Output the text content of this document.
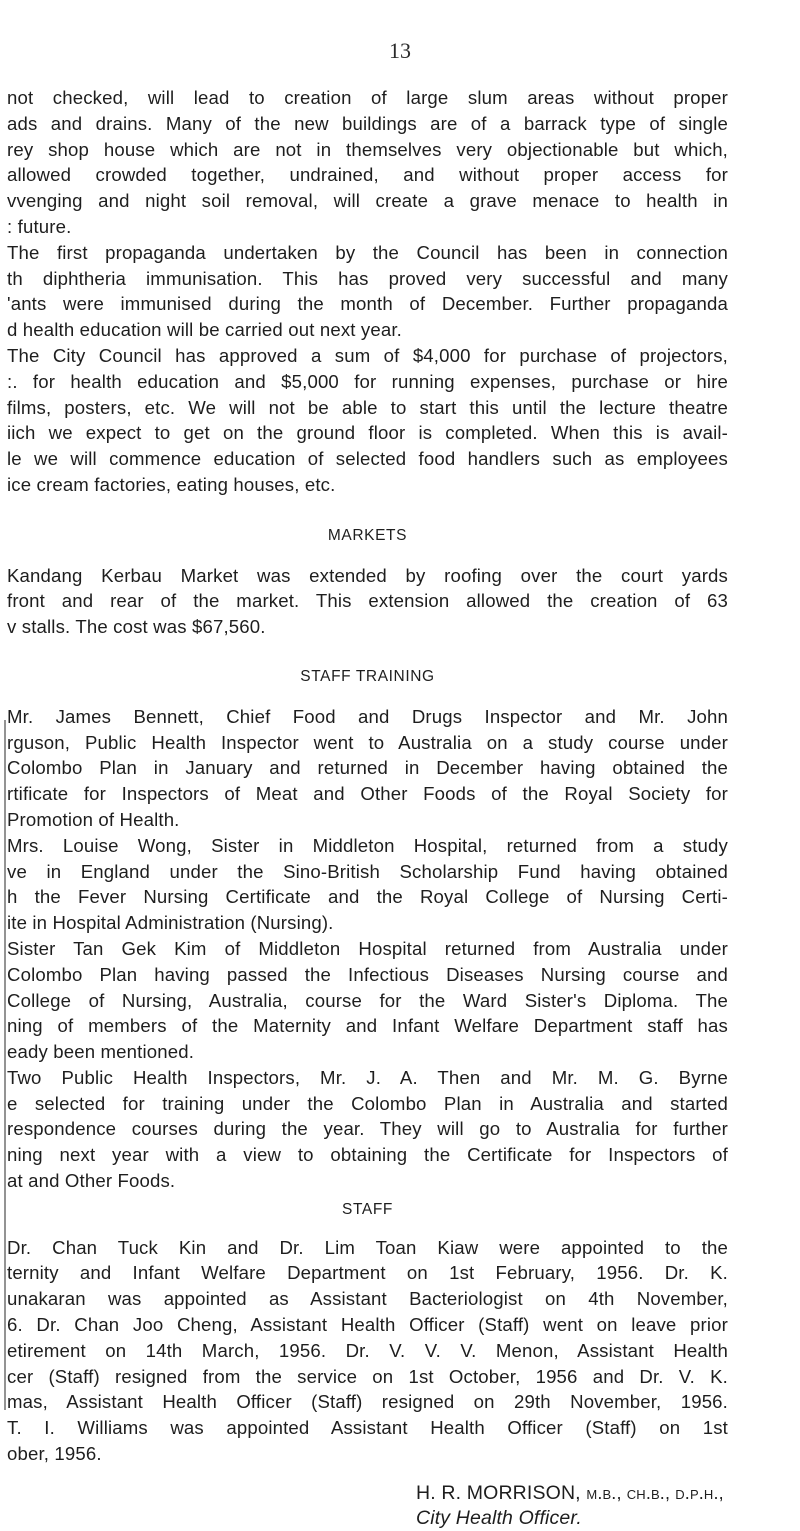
13
not checked, will lead to creation of large slum areas without proper
ads and drains. Many of the new buildings are of a barrack type of single
rey shop house which are not in themselves very objectionable but which,
allowed crowded together, undrained, and without proper access for
vvenging and night soil removal, will create a grave menace to health in
: future.
The first propaganda undertaken by the Council has been in connection
th diphtheria immunisation. This has proved very successful and many
'ants were immunised during the month of December. Further propaganda
d health education will be carried out next year.
The City Council has approved a sum of $4,000 for purchase of projectors,
:. for health education and $5,000 for running expenses, purchase or hire
films, posters, etc. We will not be able to start this until the lecture theatre
iich we expect to get on the ground floor is completed. When this is avail-
le we will commence education of selected food handlers such as employees
ice cream factories, eating houses, etc.
MARKETS
Kandang Kerbau Market was extended by roofing over the court yards
front and rear of the market. This extension allowed the creation of 63
v stalls. The cost was $67,560.
STAFF TRAINING
Mr. James Bennett, Chief Food and Drugs Inspector and Mr. John
rguson, Public Health Inspector went to Australia on a study course under
Colombo Plan in January and returned in December having obtained the
rtificate for Inspectors of Meat and Other Foods of the Royal Society for
Promotion of Health.
Mrs. Louise Wong, Sister in Middleton Hospital, returned from a study
ve in England under the Sino-British Scholarship Fund having obtained
h the Fever Nursing Certificate and the Royal College of Nursing Certi-
ite in Hospital Administration (Nursing).
Sister Tan Gek Kim of Middleton Hospital returned from Australia under
Colombo Plan having passed the Infectious Diseases Nursing course and
College of Nursing, Australia, course for the Ward Sister's Diploma. The
ning of members of the Maternity and Infant Welfare Department staff has
eady been mentioned.
Two Public Health Inspectors, Mr. J. A. Then and Mr. M. G. Byrne
e selected for training under the Colombo Plan in Australia and started
respondence courses during the year. They will go to Australia for further
ning next year with a view to obtaining the Certificate for Inspectors of
at and Other Foods.
STAFF
Dr. Chan Tuck Kin and Dr. Lim Toan Kiaw were appointed to the
ternity and Infant Welfare Department on 1st February, 1956. Dr. K.
unakaran was appointed as Assistant Bacteriologist on 4th November,
6. Dr. Chan Joo Cheng, Assistant Health Officer (Staff) went on leave prior
etirement on 14th March, 1956. Dr. V. V. V. Menon, Assistant Health
cer (Staff) resigned from the service on 1st October, 1956 and Dr. V. K.
mas, Assistant Health Officer (Staff) resigned on 29th November, 1956.
T. I. Williams was appointed Assistant Health Officer (Staff) on 1st
ober, 1956.
H. R. MORRISON, m.b., ch.b., d.p.h.,
City Health Officer.
